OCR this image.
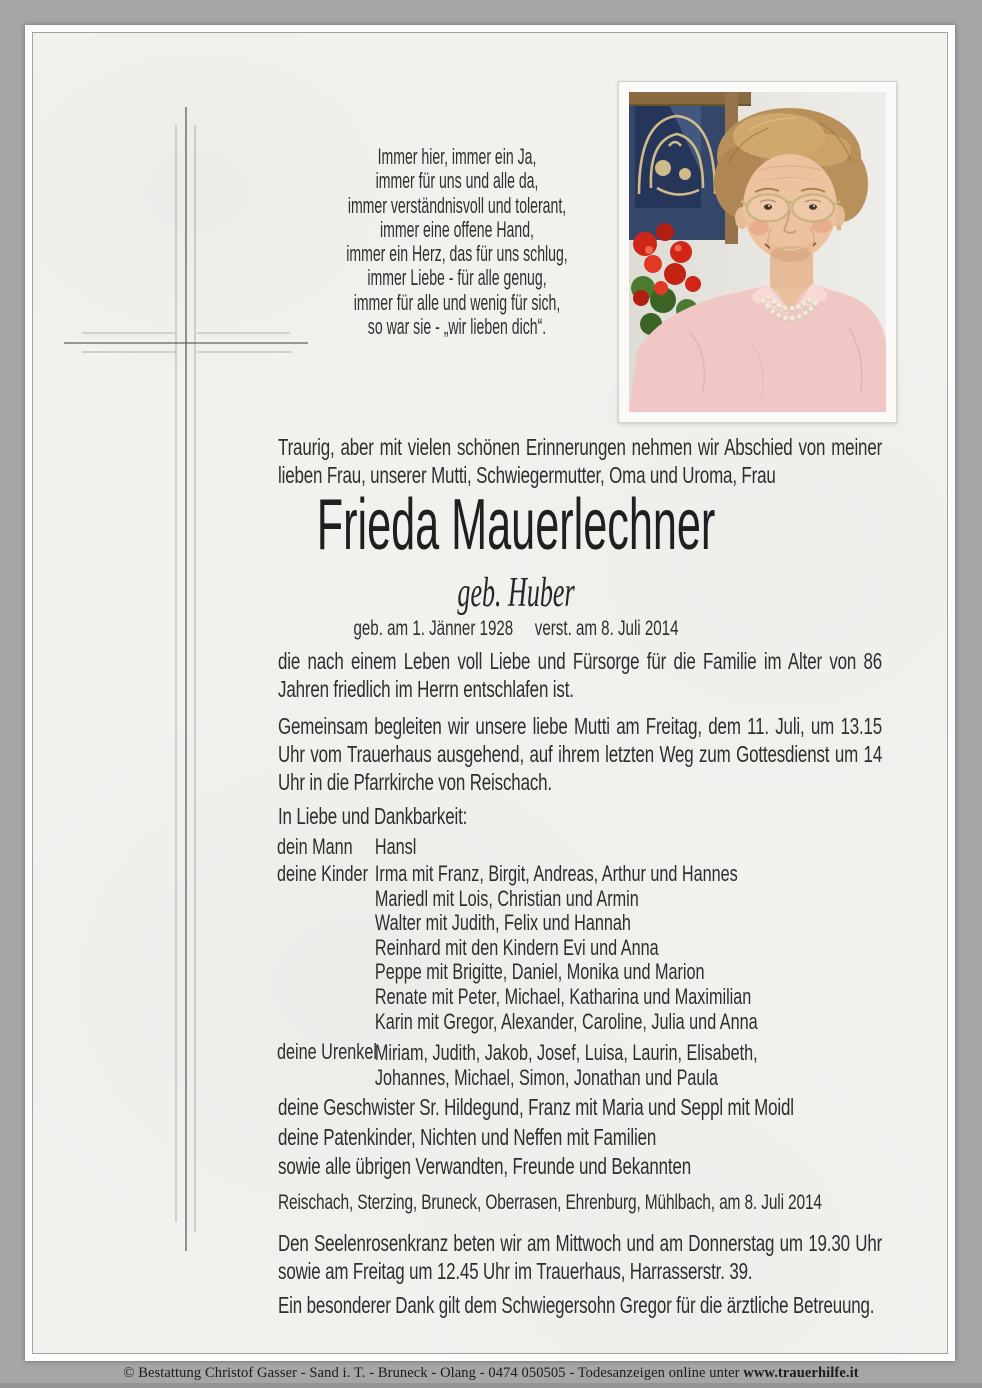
Immer hier, immer ein Ja,
immer für uns und alle da,
immer verständnisvoll und tolerant,
immer eine offene Hand,
immer ein Herz, das für uns schlug,
immer Liebe - für alle genug,
immer für alle und wenig für sich,
so war sie - „wir lieben dich“.
Traurig, aber mit vielen schönen Erinnerungen nehmen wir Abschied von meiner lieben Frau, unserer Mutti, Schwiegermutter, Oma und Uroma, Frau
Frieda Mauerlechner
geb. Huber
geb. am 1. Jänner 1928 verst. am 8. Juli 2014
die nach einem Leben voll Liebe und Fürsorge für die Familie im Alter von 86 Jahren friedlich im Herrn entschlafen ist.
Gemeinsam begleiten wir unsere liebe Mutti am Freitag, dem 11. Juli, um 13.15 Uhr vom Trauerhaus ausgehend, auf ihrem letzten Weg zum Gottesdienst um 14 Uhr in die Pfarrkirche von Reischach.
In Liebe und Dankbarkeit:
dein Mann Hansl
deine Kinder Irma mit Franz, Birgit, Andreas, Arthur und Hannes
Mariedl mit Lois, Christian und Armin
Walter mit Judith, Felix und Hannah
Reinhard mit den Kindern Evi und Anna
Peppe mit Brigitte, Daniel, Monika und Marion
Renate mit Peter, Michael, Katharina und Maximilian
Karin mit Gregor, Alexander, Caroline, Julia und Anna
deine Urenkel
Miriam, Judith, Jakob, Josef, Luisa, Laurin, Elisabeth,
Johannes, Michael, Simon, Jonathan und Paula
deine Geschwister Sr. Hildegund, Franz mit Maria und Seppl mit Moidl
deine Patenkinder, Nichten und Neffen mit Familien
sowie alle übrigen Verwandten, Freunde und Bekannten
Reischach, Sterzing, Bruneck, Oberrasen, Ehrenburg, Mühlbach, am 8. Juli 2014
Den Seelenrosenkranz beten wir am Mittwoch und am Donnerstag um 19.30 Uhr sowie am Freitag um 12.45 Uhr im Trauerhaus, Harrasserstr. 39.
Ein besonderer Dank gilt dem Schwiegersohn Gregor für die ärztliche Betreuung.
© Bestattung Christof Gasser - Sand i. T. - Bruneck - Olang - 0474 050505 - Todesanzeigen online unter www.trauerhilfe.it
